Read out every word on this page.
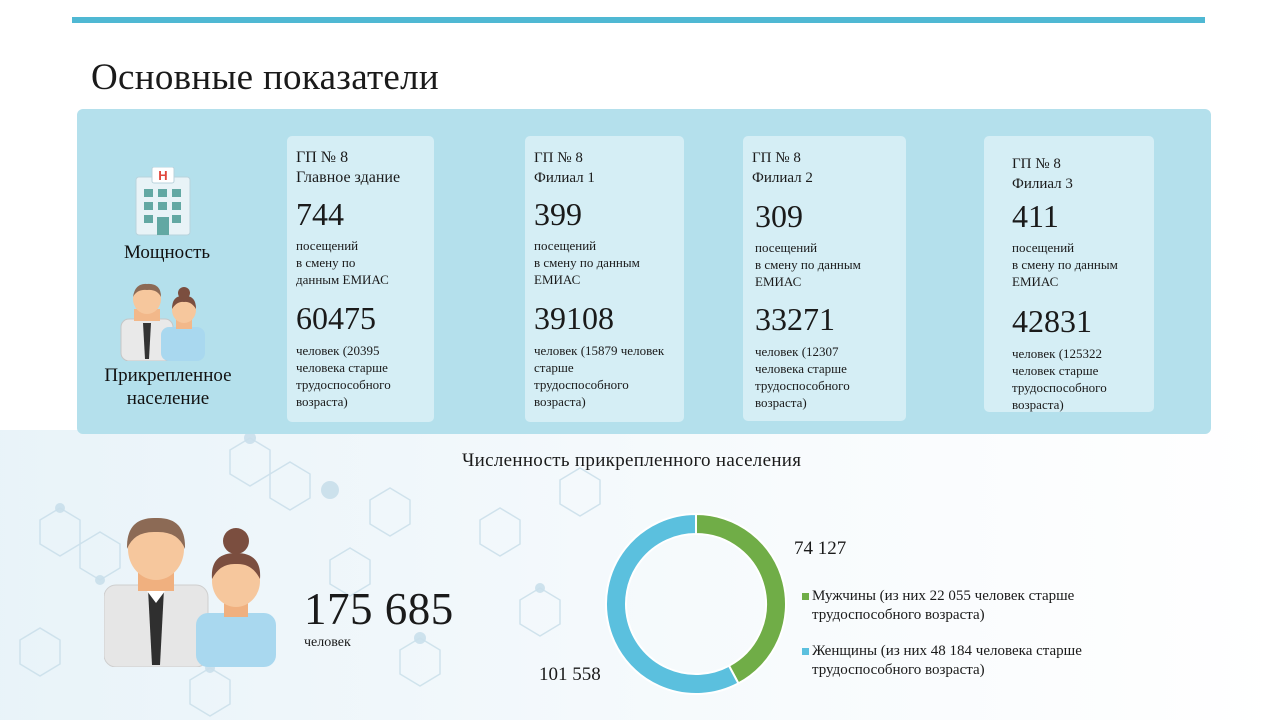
Основные показатели
H
Мощность
Прикрепленное население
ГП № 8
Главное здание
744
посещений
в смену по
данным ЕМИАС
60475
человек (20395 человека старше трудоспособного возраста)
ГП № 8
Филиал 1
399
посещений
в смену по данным
ЕМИАС
39108
человек (15879 человек старше трудоспособного возраста)
ГП № 8
Филиал 2
309
посещений
в смену по данным
ЕМИАС
33271
человек (12307 человека старше трудоспособного возраста)
ГП № 8
Филиал 3
411
посещений
в смену по данным
ЕМИАС
42831
человек (125322 человек старше трудоспособного возраста)
Численность прикрепленного населения
175 685
человек
74 127
101 558
Мужчины (из них 22 055 человек старше трудоспособного возраста)
Женщины (из них 48 184 человека старше трудоспособного возраста)
